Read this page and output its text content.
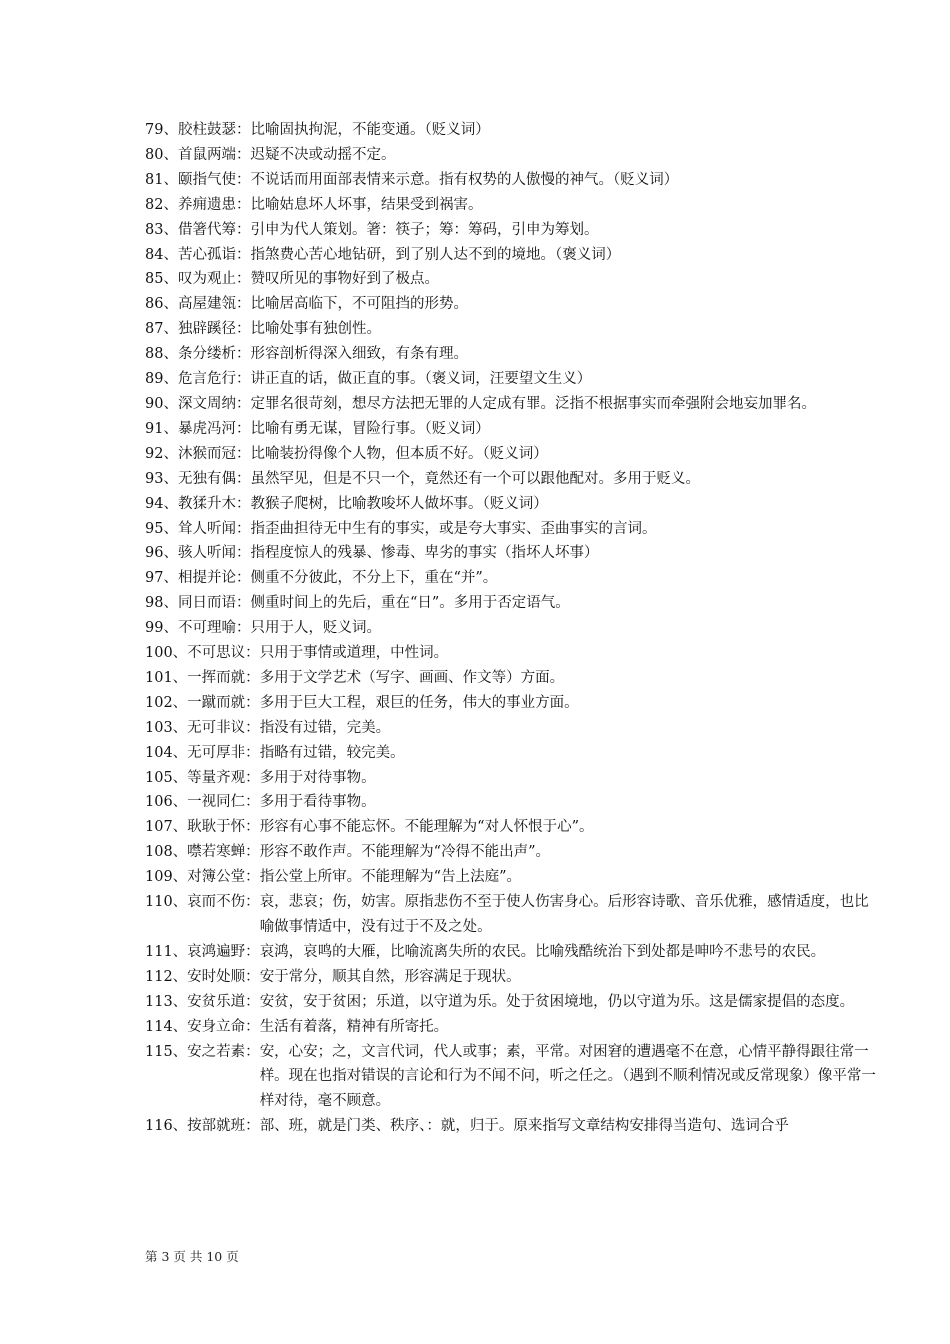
79、胶柱鼓瑟： 比喻固执拘泥，不能变通。（贬义词）
80、首鼠两端： 迟疑不决或动摇不定。
81、颐指气使： 不说话而用面部表情来示意。指有权势的人傲慢的神气。（贬义词）
82、养痈遗患： 比喻姑息坏人坏事，结果受到祸害。
83、借箸代筹： 引申为代人策划。箸：筷子；筹：筹码，引申为筹划。
84、苦心孤诣： 指煞费心苦心地钻研，到了别人达不到的境地。（褒义词）
85、叹为观止： 赞叹所见的事物好到了极点。
86、高屋建瓴： 比喻居高临下，不可阻挡的形势。
87、独辟蹊径： 比喻处事有独创性。
88、条分缕析： 形容剖析得深入细致，有条有理。
89、危言危行： 讲正直的话，做正直的事。（褒义词，汪要望文生义）
90、深文周纳： 定罪名很苛刻，想尽方法把无罪的人定成有罪。泛指不根据事实而牵强附会地妄加罪名。
91、暴虎冯河： 比喻有勇无谋，冒险行事。（贬义词）
92、沐猴而冠： 比喻装扮得像个人物，但本质不好。（贬义词）
93、无独有偶： 虽然罕见，但是不只一个，竟然还有一个可以跟他配对。多用于贬义。
94、教猱升木： 教猴子爬树，比喻教唆坏人做坏事。（贬义词）
95、耸人听闻： 指歪曲担待无中生有的事实，或是夸大事实、歪曲事实的言词。
96、骇人听闻： 指程度惊人的残暴、惨毒、卑劣的事实（指坏人坏事）
97、相提并论： 侧重不分彼此，不分上下，重在“并”。
98、同日而语： 侧重时间上的先后，重在“日”。多用于否定语气。
99、不可理喻： 只用于人，贬义词。
100、不可思议： 只用于事情或道理，中性词。
101、一挥而就： 多用于文学艺术（写字、画画、作文等）方面。
102、一蹴而就： 多用于巨大工程，艰巨的任务，伟大的事业方面。
103、无可非议： 指没有过错，完美。
104、无可厚非： 指略有过错，较完美。
105、等量齐观： 多用于对待事物。
106、一视同仁： 多用于看待事物。
107、耿耿于怀： 形容有心事不能忘怀。不能理解为“对人怀恨于心”。
108、噤若寒蝉： 形容不敢作声。不能理解为“冷得不能出声”。
109、对簿公堂： 指公堂上所审。不能理解为“告上法庭”。
110、哀而不伤： 哀，悲哀；伤，妨害。原指悲伤不至于使人伤害身心。后形容诗歌、音乐优雅，感情适度，也比喻做事情适中，没有过于不及之处。
111、哀鸿遍野： 哀鸿，哀鸣的大雁，比喻流离失所的农民。比喻残酷统治下到处都是呻吟不悲号的农民。
112、安时处顺： 安于常分，顺其自然，形容满足于现状。
113、安贫乐道： 安贫，安于贫困；乐道，以守道为乐。处于贫困境地，仍以守道为乐。这是儒家提倡的态度。
114、安身立命： 生活有着落，精神有所寄托。
115、安之若素： 安，心安；之，文言代词，代人或事；素，平常。对困窘的遭遇毫不在意，心情平静得跟往常一样。现在也指对错误的言论和行为不闻不问，听之任之。（遇到不顺利情况或反常现象）像平常一样对待，毫不顾意。
116、按部就班： 部、班，就是门类、秩序、：就，归于。原来指写文章结构安排得当造句、选词合乎
第 3 页 共 10 页
